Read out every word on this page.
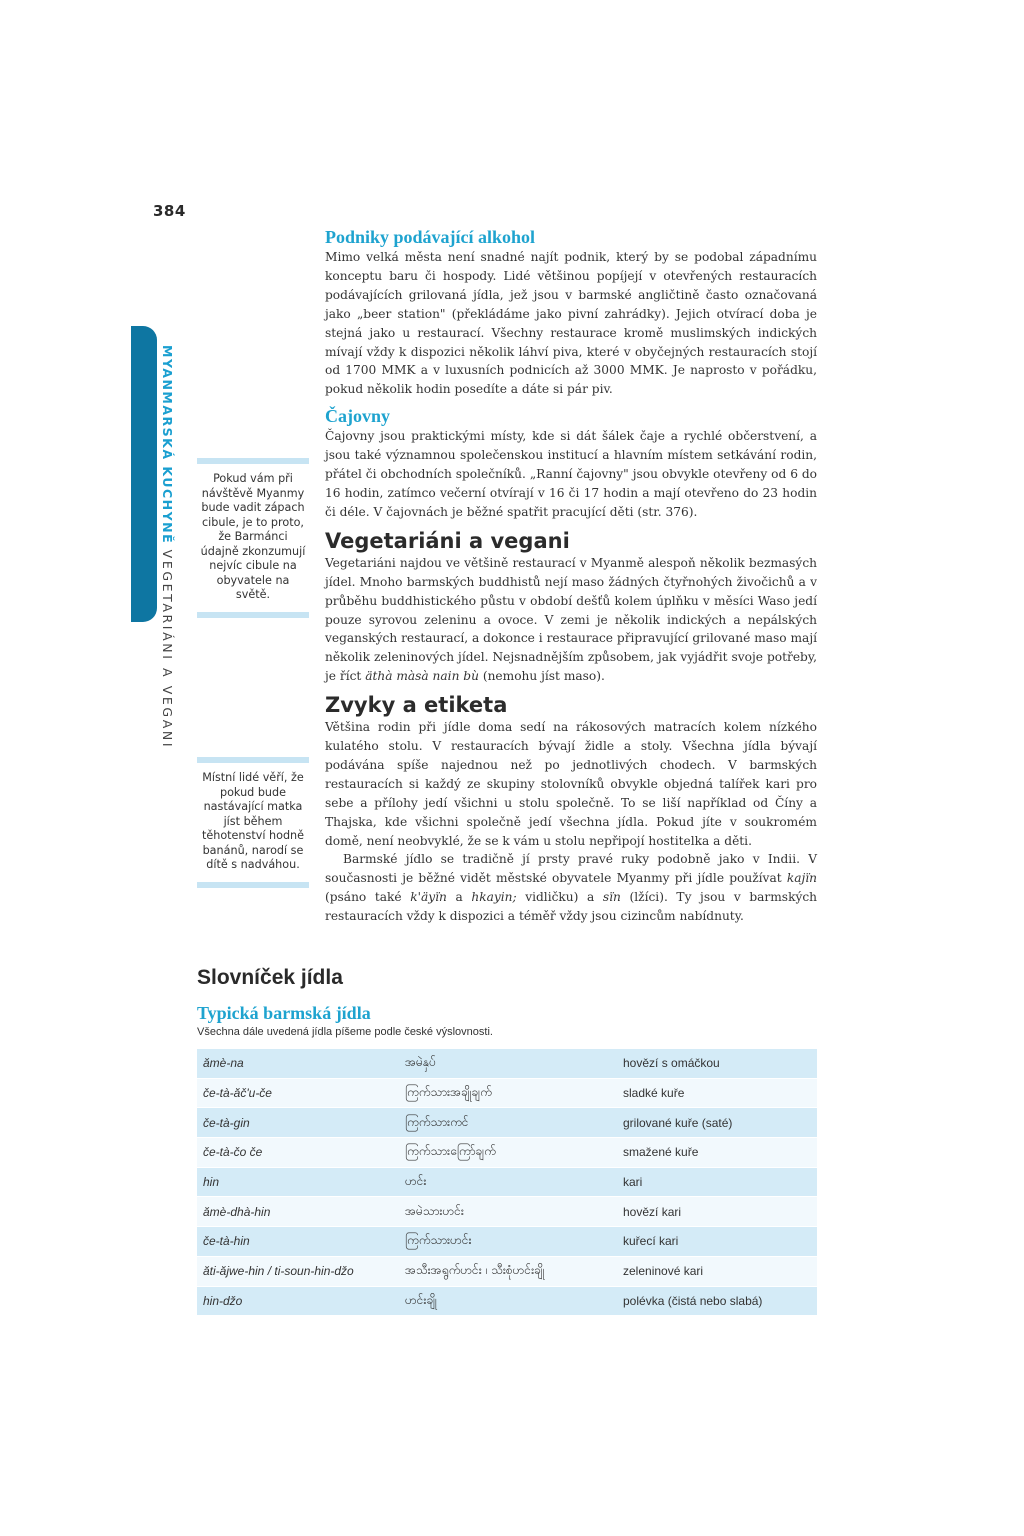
384
MYANMARSKÁ KUCHYNĚ VEGETARIÁNI A VEGANI
Podniky podávající alkohol

Mimo velká města není snadné najít podnik, který by se podobal západnímu konceptu baru či hospody. Lidé většinou popíjejí v otevřených restauracích podávajících grilovaná jídla, jež jsou v barmské angličtině často označovaná jako „beer station" (překládáme jako pivní zahrádky). Jejich otvírací doba je stejná jako u restaurací. Všechny restaurace kromě muslimských indických mívají vždy k dispozici několik láhví piva, které v obyčejných restauracích stojí od 1700 MMK a v luxusních podnicích až 3000 MMK. Je naprosto v pořádku, pokud několik hodin posedíte a dáte si pár piv.

Čajovny

Čajovny jsou praktickými místy, kde si dát šálek čaje a rychlé občerstvení, a jsou také významnou společenskou institucí a hlavním místem setkávání rodin, přátel či obchodních společníků. „Ranní čajovny" jsou obvykle otevřeny od 6 do 16 hodin, zatímco večerní otvírají v 16 či 17 hodin a mají otevřeno do 23 hodin či déle. V čajovnách je běžné spatřit pracující děti (str. 376).

Vegetariáni a vegani

Vegetariáni najdou ve většině restaurací v Myanmě alespoň několik bezmasých jídel. Mnoho barmských buddhistů nejí maso žádných čtyřnohých živočichů a v průběhu buddhistického půstu v období dešťů kolem úplňku v měsíci Waso jedí pouze syrovou zeleninu a ovoce. V zemi je několik indických a nepálských veganských restaurací, a dokonce i restaurace připravující grilované maso mají několik zeleninových jídel. Nejsnadnějším způsobem, jak vyjádřit svoje potřeby, je říct äthà màsà nain bù (nemohu jíst maso).

Zvyky a etiketa

Většina rodin při jídle doma sedí na rákosových matracích kolem nízkého kulatého stolu. V restauracích bývají židle a stoly. Všechna jídla bývají podávána spíše najednou než po jednotlivých chodech. V barmských restauracích si každý ze skupiny stolovníků obvykle objedná talířek kari pro sebe a přílohy jedí všichni u stolu společně. To se liší například od Číny a Thajska, kde všichni společně jedí všechna jídla. Pokud jíte v soukromém domě, není neobvyklé, že se k vám u stolu nepřipojí hostitelka a děti.

Barmské jídlo se tradičně jí prsty pravé ruky podobně jako v Indii. V současnosti je běžné vidět městské obyvatele Myanmy při jídle používat kajïn (psáno také k'äyïn a hkayin; vidličku) a sïn (lžíci). Ty jsou v barmských restauracích vždy k dispozici a téměř vždy jsou cizincům nabídnuty.

Pokud vám při návštěvě Myanmy bude vadit zápach cibule, je to proto, že Barmánci údajně zkonzumují nejvíc cibule na obyvatele na světě.
Místní lidé věří, že pokud bude nastávající matka jíst během těhotenství hodně banánů, narodí se dítě s nadváhou.
Slovníček jídla
Typická barmská jídla

Všechna dále uvedená jídla píšeme podle české výslovnosti.

ămè-na	အမဲနှပ်	hovězí s omáčkou
če-tà-ăč'u-če	ကြက်သားအချိုချက်	sladké kuře
če-tà-gin	ကြက်သားကင်	grilované kuře (saté)
če-tà-čo če	ကြက်သားကြော်ချက်	smažené kuře
hin	ဟင်း	kari
ămè-dhà-hin	အမဲသားဟင်း	hovězí kari
če-tà-hin	ကြက်သားဟင်း	kuřecí kari
ăti-ăjwe-hin / ti-soun-hin-džo	အသီးအရွက်ဟင်း ၊ သီးစုံဟင်းချို	zeleninové kari
hin-džo	ဟင်းချို	polévka (čistá nebo slabá)
